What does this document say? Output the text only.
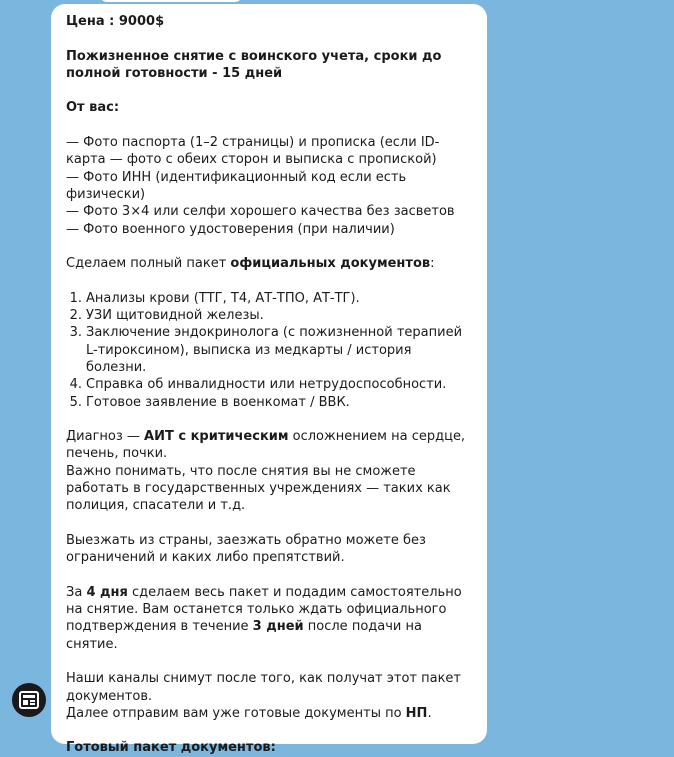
Цена : 9000$

Пожизненное снятие с воинского учета, сроки до полной готовности - 15 дней

От вас:

— Фото паспорта (1–2 страницы) и прописка (если ID-карта — фото с обеих сторон и выписка с пропиской)

— Фото ИНН (идентификационный код если есть физически)

— Фото 3×4 или селфи хорошего качества без засветов

— Фото военного удостоверения (при наличии)

Сделаем полный пакет официальных документов:

1. Анализы крови (ТТГ, Т4, АТ-ТПО, АТ-ТГ).
2. УЗИ щитовидной железы.
3. Заключение эндокринолога (с пожизненной терапией L-тироксином), выписка из медкарты / история болезни.
4. Справка об инвалидности или нетрудоспособности.
5. Готовое заявление в военкомат / ВВК.

Диагноз — АИТ с критическим осложнением на сердце, печень, почки.

Важно понимать, что после снятия вы не сможете работать в государственных учреждениях — таких как полиция, спасатели и т.д.

Выезжать из страны, заезжать обратно можете без ограничений и каких либо препятствий.

За 4 дня сделаем весь пакет и подадим самостоятельно на снятие. Вам останется только ждать официального подтверждения в течение 3 дней после подачи на снятие.

Наши каналы снимут после того, как получат этот пакет документов.

Далее отправим вам уже готовые документы по НП.

Готовый пакет документов:
